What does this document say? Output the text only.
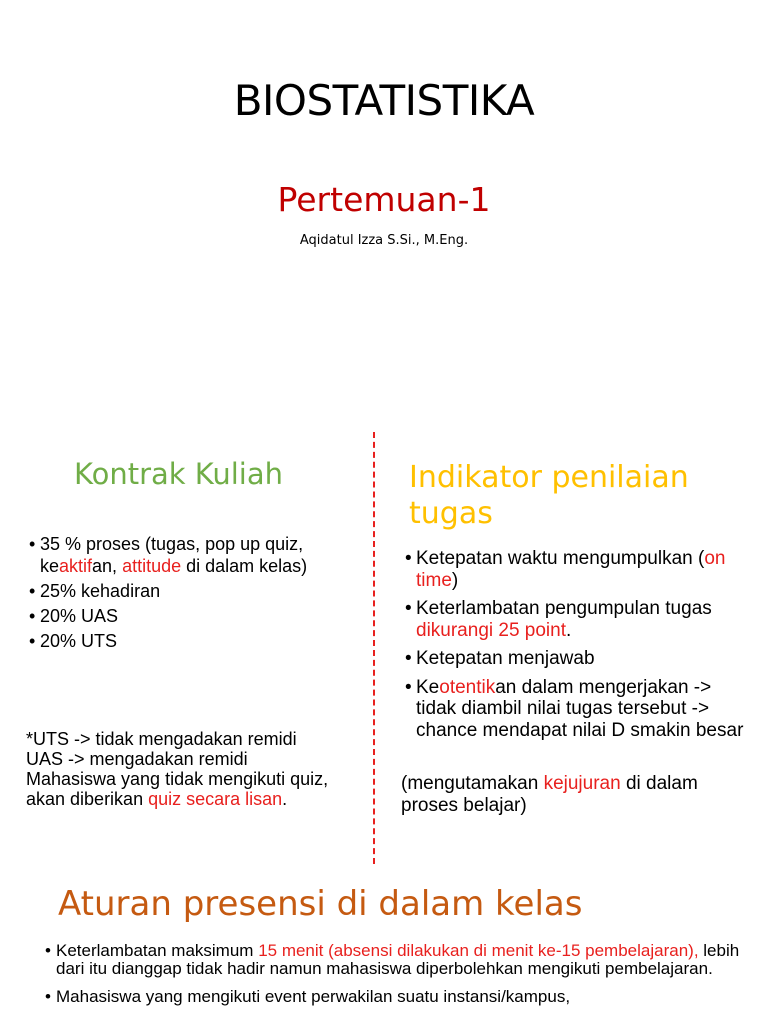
BIOSTATISTIKA
Pertemuan-1
Aqidatul Izza S.Si., M.Eng.
Kontrak Kuliah
• 35 % proses (tugas, pop up quiz, keaktifan, attitude di dalam kelas)
• 25% kehadiran
• 20% UAS
• 20% UTS
*UTS -> tidak mengadakan remidi
UAS -> mengadakan remidi
Mahasiswa yang tidak mengikuti quiz, akan diberikan quiz secara lisan.
Indikator penilaian tugas
• Ketepatan waktu mengumpulkan (on time)
• Keterlambatan pengumpulan tugas dikurangi 25 point.
• Ketepatan menjawab
• Keotentikan dalam mengerjakan -> tidak diambil nilai tugas tersebut -> chance mendapat nilai D smakin besar
(mengutamakan kejujuran di dalam proses belajar)
Aturan presensi di dalam kelas
• Keterlambatan maksimum 15 menit (absensi dilakukan di menit ke-15 pembelajaran), lebih dari itu dianggap tidak hadir namun mahasiswa diperbolehkan mengikuti pembelajaran.
• Mahasiswa yang mengikuti event perwakilan suatu instansi/kampus,
